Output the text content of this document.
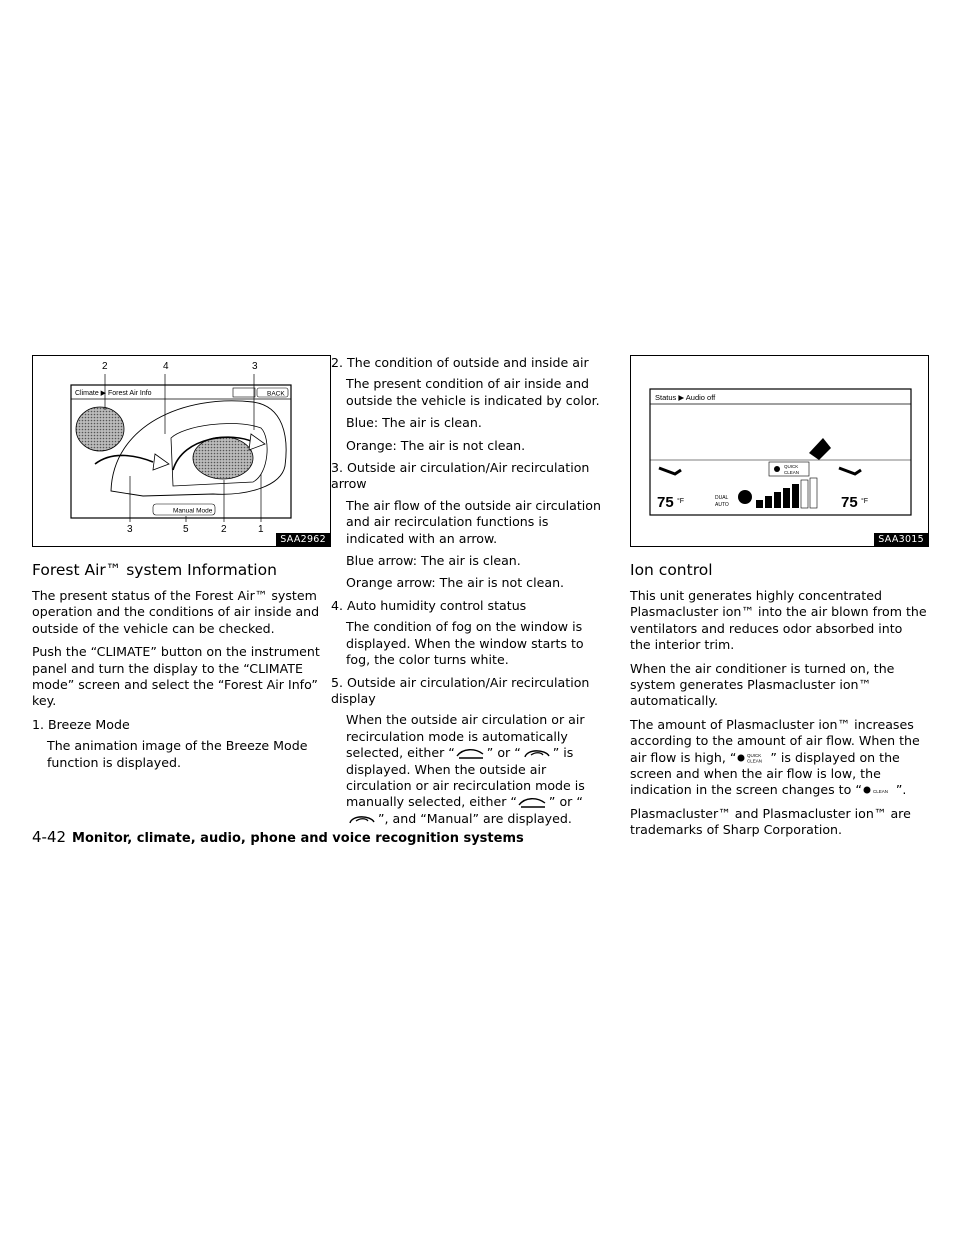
2	4	3
Climate ▶ Forest Air Info	BACK
Manual Mode
3	5	2	1
SAA2962
Status ▶ Audio off
QUICK
CLEAN
75 °F	DUAL
AUTO	75 °F
SAA3015
Forest Air™ system Information

The present status of the Forest Air™ system operation and the conditions of air inside and outside of the vehicle can be checked.

Push the “CLIMATE” button on the instrument panel and turn the display to the “CLIMATE mode” screen and select the “Forest Air Info” key.

1. Breeze Mode
The animation image of the Breeze Mode function is displayed.
2. The condition of outside and inside air
The present condition of air inside and outside the vehicle is indicated by color.
Blue: The air is clean.
Orange: The air is not clean.
3. Outside air circulation/Air recirculation arrow
The air flow of the outside air circulation and air recirculation functions is indicated with an arrow.
Blue arrow: The air is clean.
Orange arrow: The air is not clean.
4. Auto humidity control status
The condition of fog on the window is displayed. When the window starts to fog, the color turns white.
5. Outside air circulation/Air recirculation display
When the outside air circulation or air recirculation mode is automatically selected, either “	” or “	” is displayed. When the outside air circulation or air recirculation mode is manually selected, either “	” or “”, and “Manual” are displayed.
Ion control

This unit generates highly concentrated Plasmacluster ion™ into the air blown from the ventilators and reduces odor absorbed into the interior trim.

When the air conditioner is turned on, the system generates Plasmacluster ion™ automatically.

The amount of Plasmacluster ion™ increases according to the amount of air flow. When the air flow is high, “ QUICK
CLEAN ” is displayed on the screen and when the air flow is low, the indication in the screen changes to “ CLEAN ”.

Plasmacluster™ and Plasmacluster ion™ are trademarks of Sharp Corporation.

4-42 Monitor, climate, audio, phone and voice recognition systems
